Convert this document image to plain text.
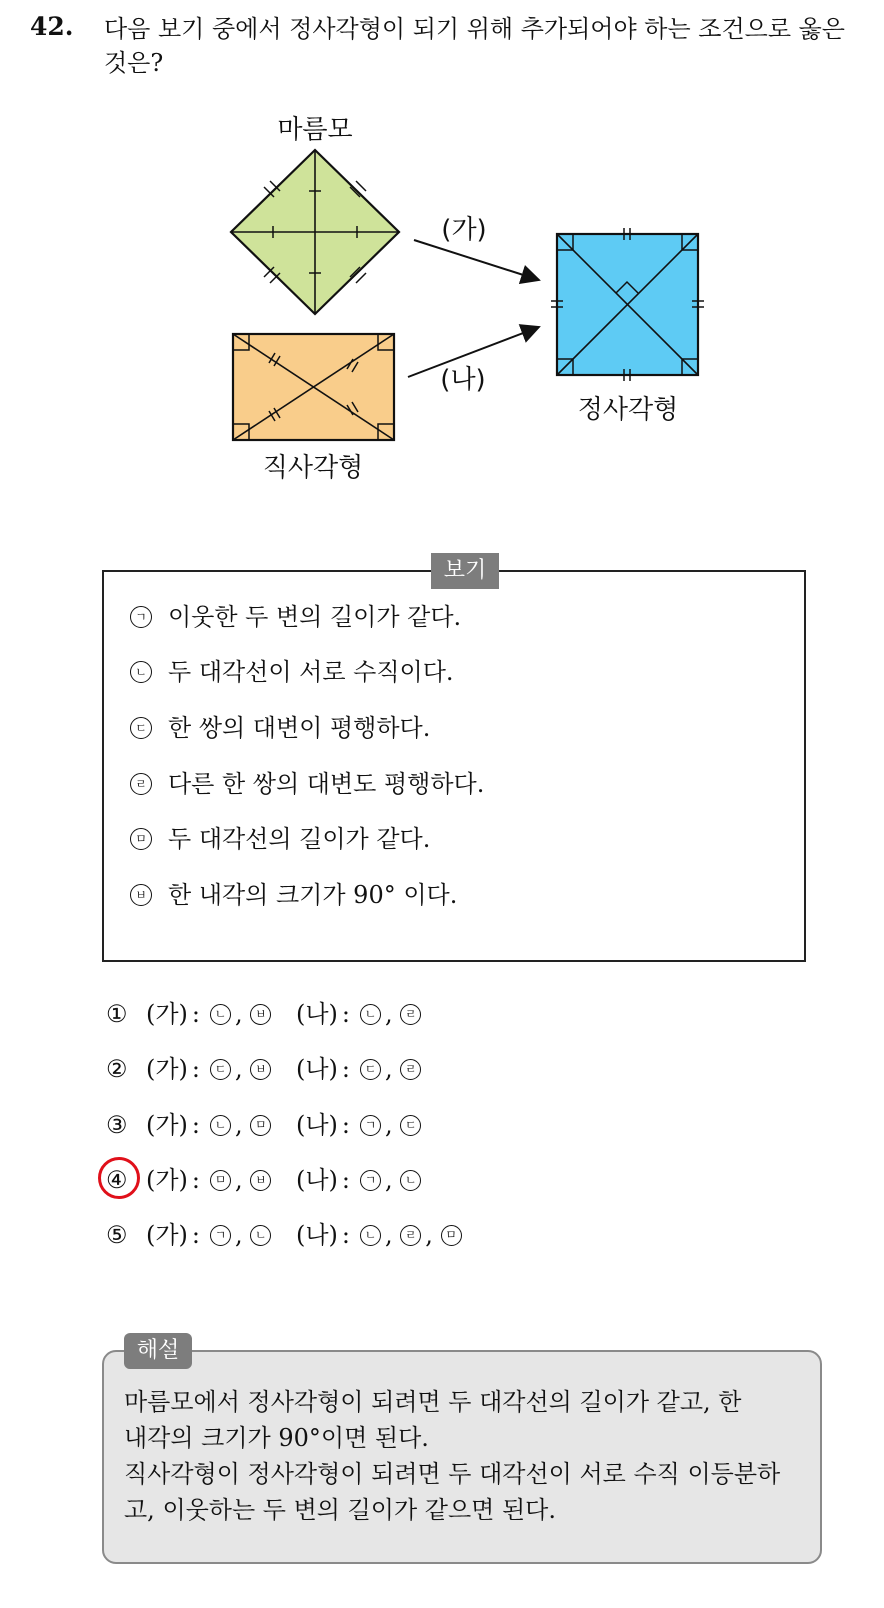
42. 다음 보기 중에서 정사각형이 되기 위해 추가되어야 하는 조건으로 옳은 것은?
마름모
직사각형
정사각형
(가)
(나)
보기
ㄱ 이웃한 두 변의 길이가 같다.
ㄴ 두 대각선이 서로 수직이다.
ㄷ 한 쌍의 대변이 평행하다.
ㄹ 다른 한 쌍의 대변도 평행하다.
ㅁ 두 대각선의 길이가 같다.
ㅂ 한 내각의 크기가 90° 이다.
① (가) :	ㄴ , ㅂ (나) :	ㄴ , ㄹ
② (가) :	ㄷ , ㅂ (나) :	ㄷ , ㄹ
③ (가) :	ㄴ , ㅁ (나) :	ㄱ , ㄷ
④ (가) :	ㅁ , ㅂ (나) :	ㄱ , ㄴ
⑤ (가) :	ㄱ , ㄴ (나) :	ㄴ , ㄹ , ㅁ
해설
마름모에서 정사각형이 되려면 두 대각선의 길이가 같고, 한
내각의 크기가 90°이면 된다.
직사각형이 정사각형이 되려면 두 대각선이 서로 수직 이등분하
고, 이웃하는 두 변의 길이가 같으면 된다.
